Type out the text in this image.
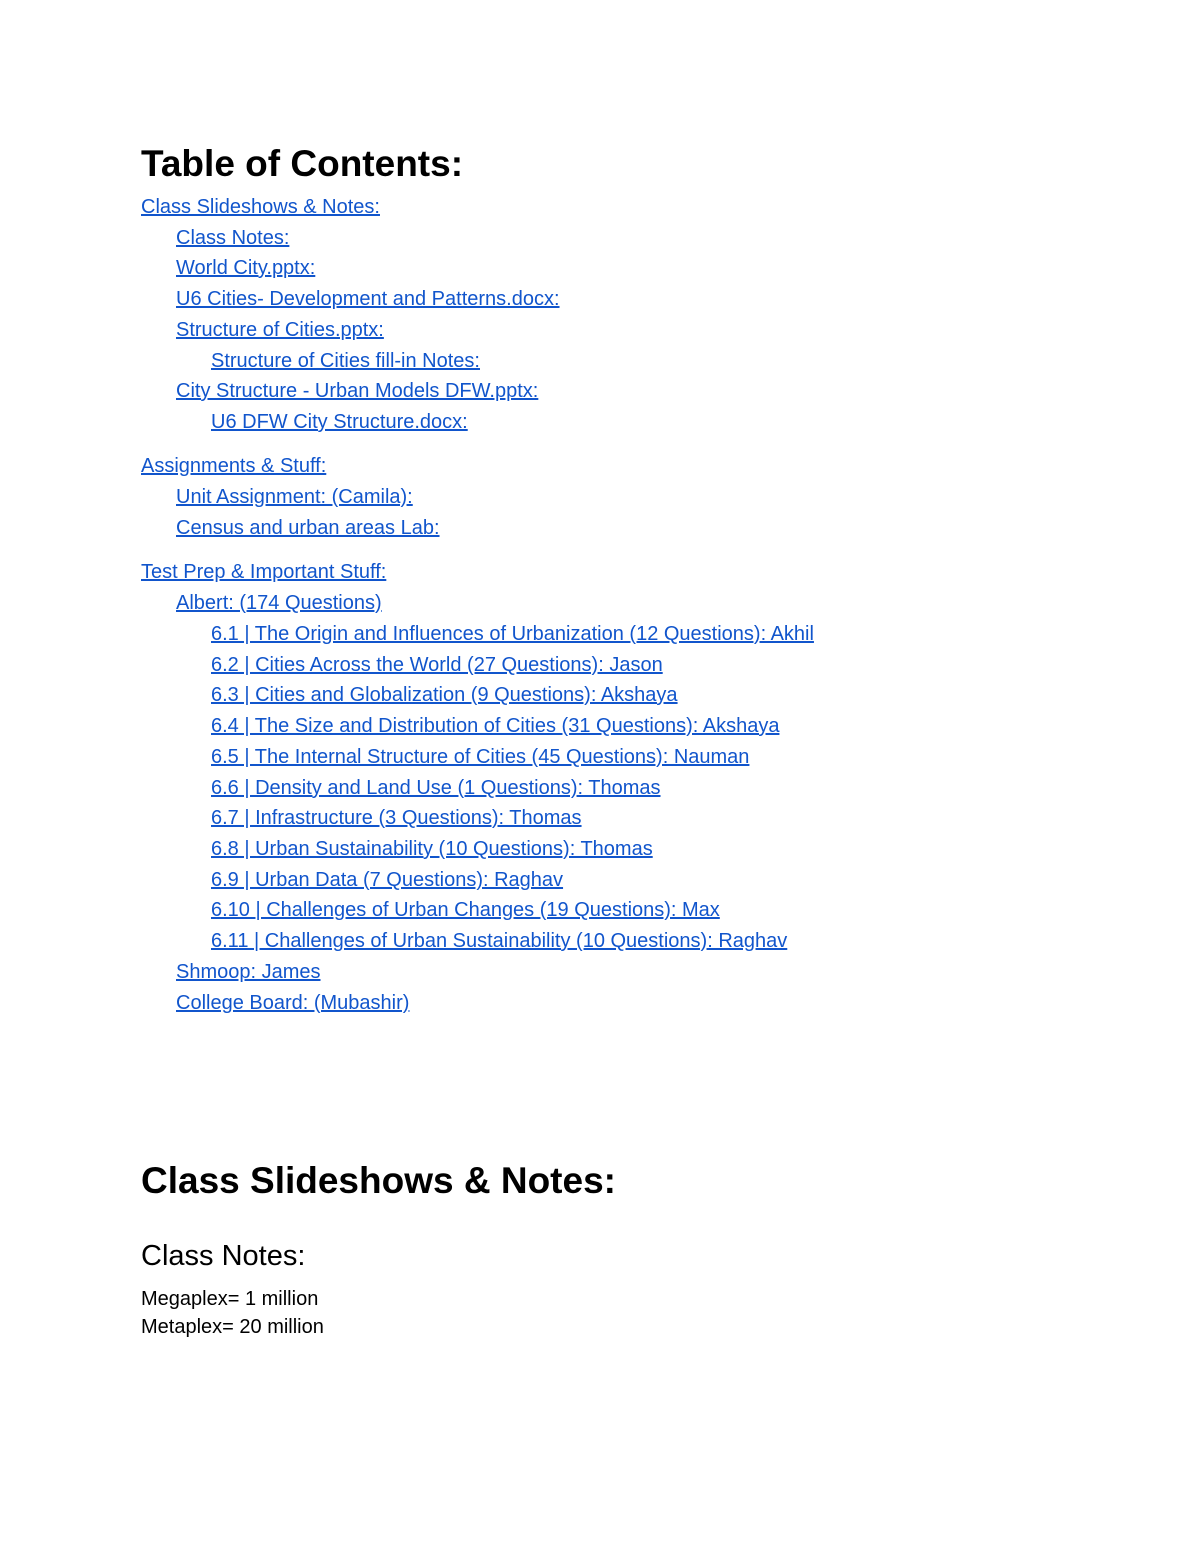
Table of Contents:
Class Slideshows & Notes:
Class Notes:
World City.pptx:
U6 Cities- Development and Patterns.docx:
Structure of Cities.pptx:
Structure of Cities fill-in Notes:
City Structure - Urban Models DFW.pptx:
U6 DFW City Structure.docx:
Assignments & Stuff:
Unit Assignment: (Camila):
Census and urban areas Lab:
Test Prep & Important Stuff:
Albert: (174 Questions)
6.1 | The Origin and Influences of Urbanization (12 Questions): Akhil
6.2 | Cities Across the World (27 Questions): Jason
6.3 | Cities and Globalization (9 Questions): Akshaya
6.4 | The Size and Distribution of Cities (31 Questions): Akshaya
6.5 | The Internal Structure of Cities (45 Questions): Nauman
6.6 | Density and Land Use (1 Questions): Thomas
6.7 | Infrastructure (3 Questions): Thomas
6.8 | Urban Sustainability (10 Questions): Thomas
6.9 | Urban Data (7 Questions): Raghav
6.10 | Challenges of Urban Changes (19 Questions): Max
6.11 | Challenges of Urban Sustainability (10 Questions): Raghav
Shmoop: James
College Board: (Mubashir)
Class Slideshows & Notes:
Class Notes:

Megaplex= 1 million

Metaplex= 20 million
